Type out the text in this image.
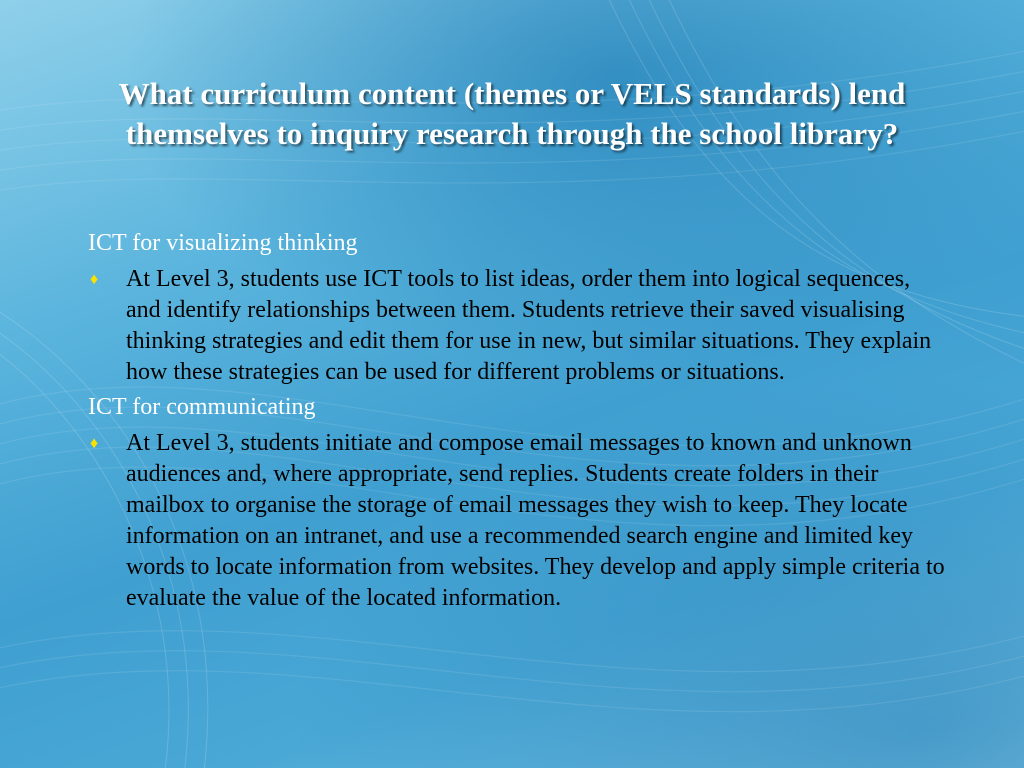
What curriculum content (themes or VELS standards) lend themselves to inquiry research through the school library?

ICT for visualizing thinking

♦	At Level 3, students use ICT tools to list ideas, order them into logical sequences, and identify relationships between them. Students retrieve their saved visualising thinking strategies and edit them for use in new, but similar situations. They explain how these strategies can be used for different problems or situations.

ICT for communicating

♦	At Level 3, students initiate and compose email messages to known and unknown audiences and, where appropriate, send replies. Students create folders in their mailbox to organise the storage of email messages they wish to keep. They locate information on an intranet, and use a recommended search engine and limited key words to locate information from websites. They develop and apply simple criteria to evaluate the value of the located information.
